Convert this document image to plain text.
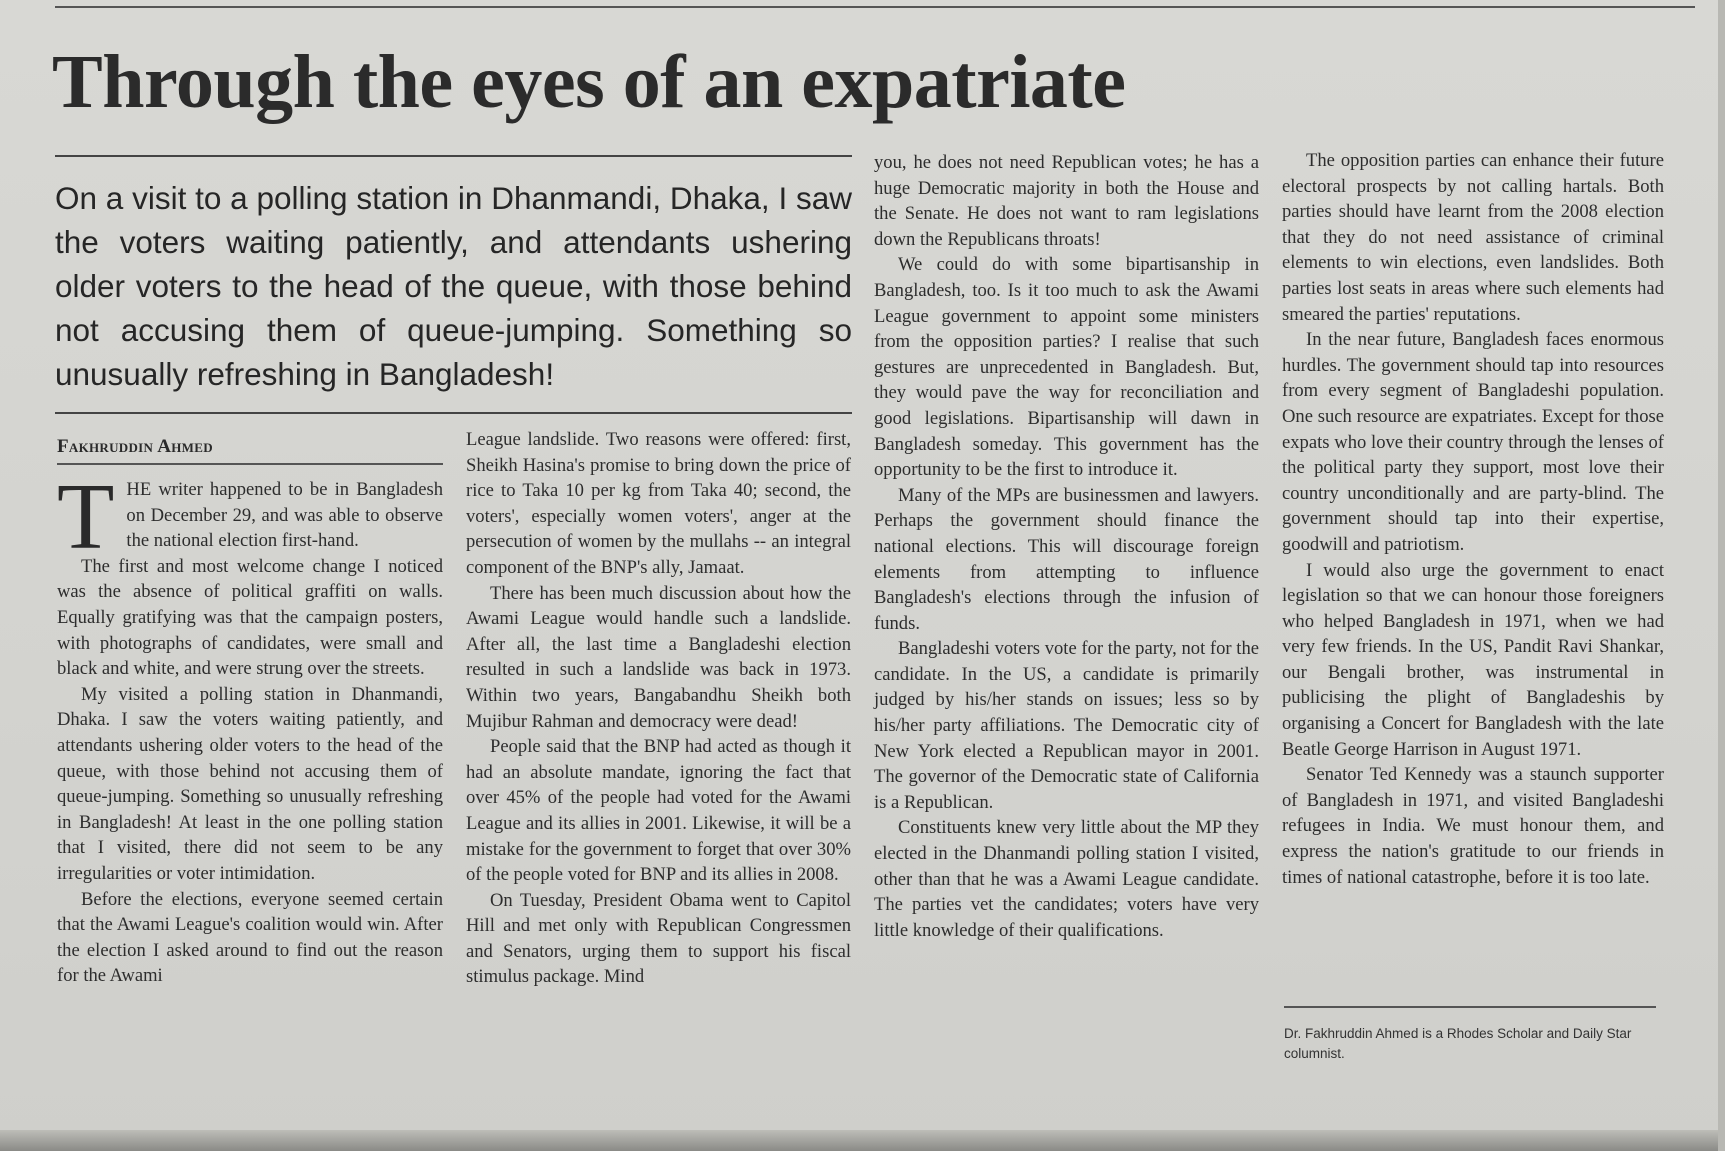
Through the eyes of an expatriate

On a visit to a polling station in Dhanmandi, Dhaka, I saw the voters waiting patiently, and attendants ushering older voters to the head of the queue, with those behind not accusing them of queue-jumping. Something so unusually refreshing in Bangladesh!

Fakhruddin Ahmed

THE writer happened to be in Bangladesh on December 29, and was able to observe the national election first-hand.

The first and most welcome change I noticed was the absence of political graffiti on walls. Equally gratifying was that the campaign posters, with photographs of candidates, were small and black and white, and were strung over the streets.

My visited a polling station in Dhanmandi, Dhaka. I saw the voters waiting patiently, and attendants ushering older voters to the head of the queue, with those behind not accusing them of queue-jumping. Something so unusually refreshing in Bangladesh! At least in the one polling station that I visited, there did not seem to be any irregularities or voter intimidation.

Before the elections, everyone seemed certain that the Awami League's coalition would win. After the election I asked around to find out the reason for the Awami

League landslide. Two reasons were offered: first, Sheikh Hasina's promise to bring down the price of rice to Taka 10 per kg from Taka 40; second, the voters', especially women voters', anger at the persecution of women by the mullahs -- an integral component of the BNP's ally, Jamaat.

There has been much discussion about how the Awami League would handle such a landslide. After all, the last time a Bangladeshi election resulted in such a landslide was back in 1973. Within two years, Bangabandhu Sheikh both Mujibur Rahman and democracy were dead!

People said that the BNP had acted as though it had an absolute mandate, ignoring the fact that over 45% of the people had voted for the Awami League and its allies in 2001. Likewise, it will be a mistake for the government to forget that over 30% of the people voted for BNP and its allies in 2008.

On Tuesday, President Obama went to Capitol Hill and met only with Republican Congressmen and Senators, urging them to support his fiscal stimulus package. Mind

you, he does not need Republican votes; he has a huge Democratic majority in both the House and the Senate. He does not want to ram legislations down the Republicans throats!

We could do with some bipartisanship in Bangladesh, too. Is it too much to ask the Awami League government to appoint some ministers from the opposition parties? I realise that such gestures are unprecedented in Bangladesh. But, they would pave the way for reconciliation and good legislations. Bipartisanship will dawn in Bangladesh someday. This government has the opportunity to be the first to introduce it.

Many of the MPs are businessmen and lawyers. Perhaps the government should finance the national elections. This will discourage foreign elements from attempting to influence Bangladesh's elections through the infusion of funds.

Bangladeshi voters vote for the party, not for the candidate. In the US, a candidate is primarily judged by his/her stands on issues; less so by his/her party affiliations. The Democratic city of New York elected a Republican mayor in 2001. The governor of the Democratic state of California is a Republican.

Constituents knew very little about the MP they elected in the Dhanmandi polling station I visited, other than that he was a Awami League candidate. The parties vet the candidates; voters have very little knowledge of their qualifications.

The opposition parties can enhance their future electoral prospects by not calling hartals. Both parties should have learnt from the 2008 election that they do not need assistance of criminal elements to win elections, even landslides. Both parties lost seats in areas where such elements had smeared the parties' reputations.

In the near future, Bangladesh faces enormous hurdles. The government should tap into resources from every segment of Bangladeshi population. One such resource are expatriates. Except for those expats who love their country through the lenses of the political party they support, most love their country unconditionally and are party-blind. The government should tap into their expertise, goodwill and patriotism.

I would also urge the government to enact legislation so that we can honour those foreigners who helped Bangladesh in 1971, when we had very few friends. In the US, Pandit Ravi Shankar, our Bengali brother, was instrumental in publicising the plight of Bangladeshis by organising a Concert for Bangladesh with the late Beatle George Harrison in August 1971.

Senator Ted Kennedy was a staunch supporter of Bangladesh in 1971, and visited Bangladeshi refugees in India. We must honour them, and express the nation's gratitude to our friends in times of national catastrophe, before it is too late.

Dr. Fakhruddin Ahmed is a Rhodes Scholar and Daily Star columnist.
